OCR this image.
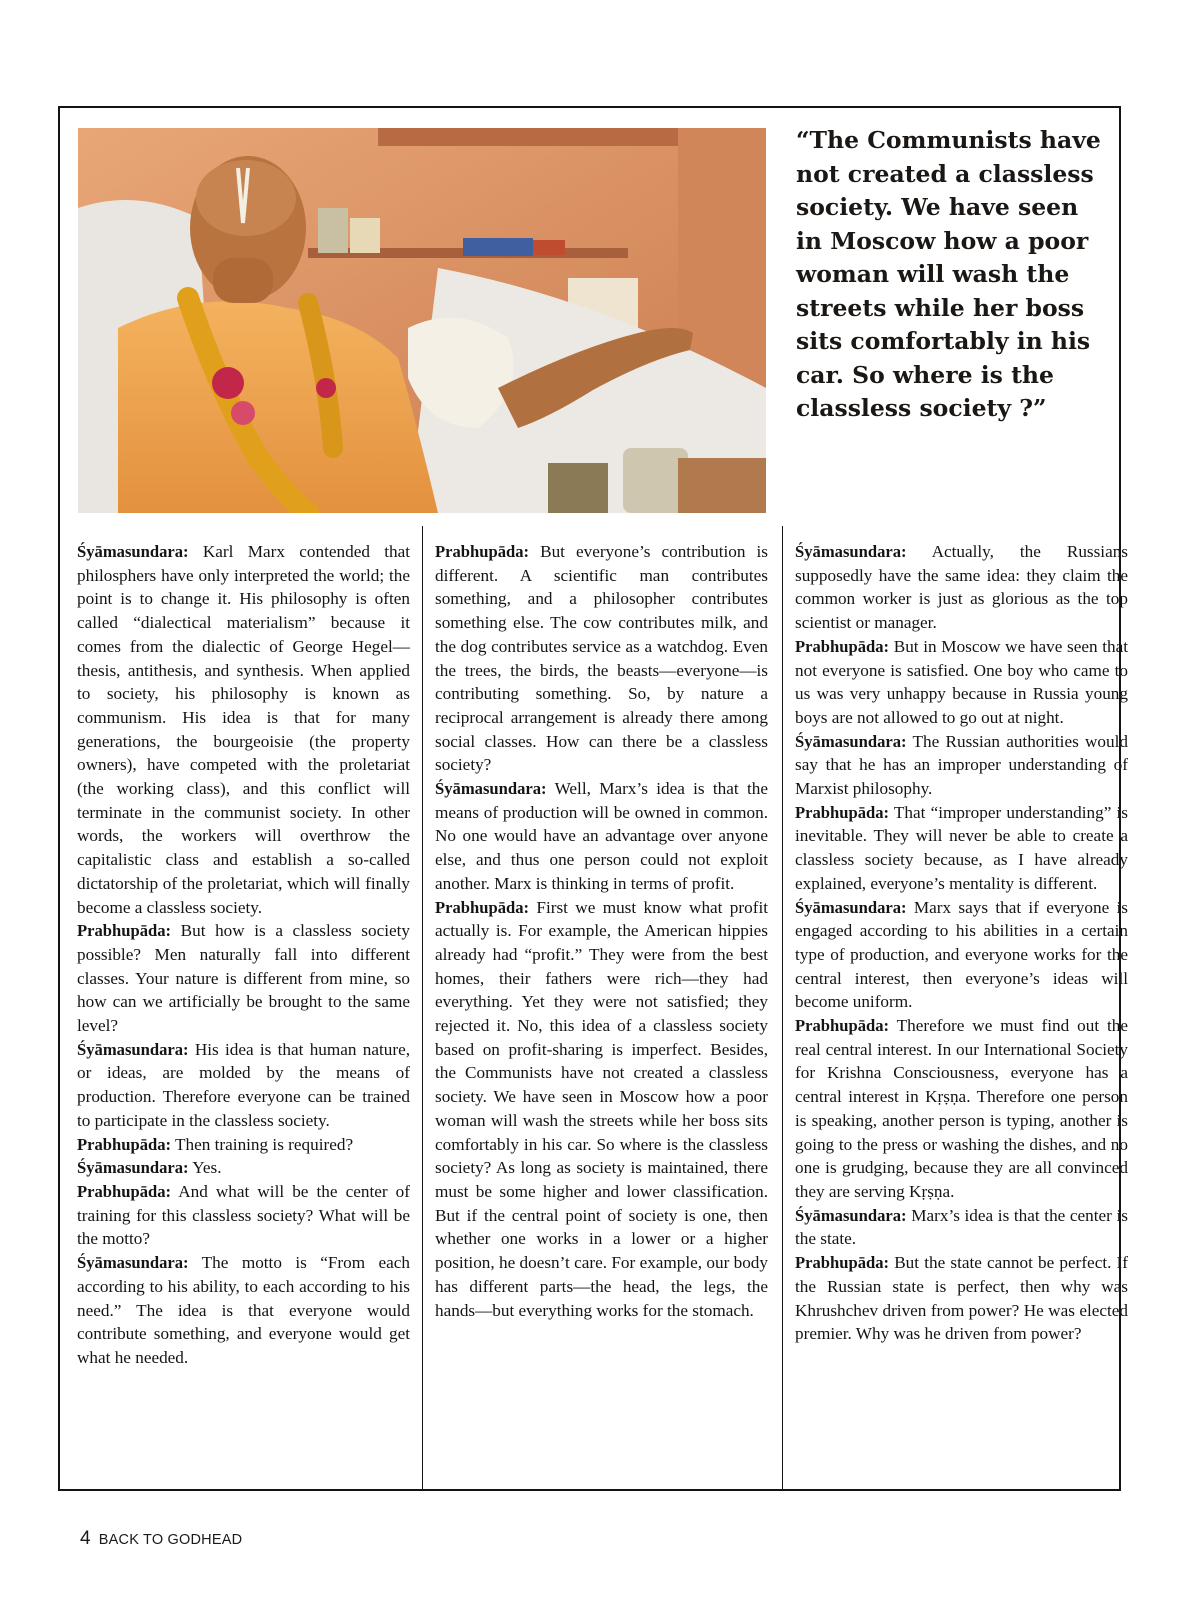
“The Communists have not created a classless society. We have seen in Moscow how a poor woman will wash the streets while her boss sits comfortably in his car. So where is the classless society ?”

Śyāmasundara: Karl Marx contended that philosphers have only interpreted the world; the point is to change it. His philosophy is often called “dialectical materialism” because it comes from the dialectic of George Hegel—thesis, antithesis, and synthesis. When applied to society, his philosophy is known as communism. His idea is that for many generations, the bourgeoisie (the property owners), have competed with the proletariat (the working class), and this conflict will terminate in the communist society. In other words, the workers will overthrow the capitalistic class and establish a so-called dictatorship of the proletariat, which will finally become a classless society.

Prabhupāda: But how is a classless society possible? Men naturally fall into different classes. Your nature is different from mine, so how can we artificially be brought to the same level?

Śyāmasundara: His idea is that human nature, or ideas, are molded by the means of production. Therefore everyone can be trained to participate in the classless society.

Prabhupāda: Then training is required?

Śyāmasundara: Yes.

Prabhupāda: And what will be the center of training for this classless society? What will be the motto?

Śyāmasundara: The motto is “From each according to his ability, to each according to his need.” The idea is that everyone would contribute something, and everyone would get what he needed.

Prabhupāda: But everyone’s contribution is different. A scientific man contributes something, and a philosopher contributes something else. The cow contributes milk, and the dog contributes service as a watchdog. Even the trees, the birds, the beasts—everyone—is contributing something. So, by nature a reciprocal arrangement is already there among social classes. How can there be a classless society?

Śyāmasundara: Well, Marx’s idea is that the means of production will be owned in common. No one would have an advantage over anyone else, and thus one person could not exploit another. Marx is thinking in terms of profit.

Prabhupāda: First we must know what profit actually is. For example, the American hippies already had “profit.” They were from the best homes, their fathers were rich—they had everything. Yet they were not satisfied; they rejected it. No, this idea of a classless society based on profit-sharing is imperfect. Besides, the Communists have not created a classless society. We have seen in Moscow how a poor woman will wash the streets while her boss sits comfortably in his car. So where is the classless society? As long as society is maintained, there must be some higher and lower classification. But if the central point of society is one, then whether one works in a lower or a higher position, he doesn’t care. For example, our body has different parts—the head, the legs, the hands—but everything works for the stomach.

Śyāmasundara: Actually, the Russians supposedly have the same idea: they claim the common worker is just as glorious as the top scientist or manager.

Prabhupāda: But in Moscow we have seen that not everyone is satisfied. One boy who came to us was very unhappy because in Russia young boys are not allowed to go out at night.

Śyāmasundara: The Russian authorities would say that he has an improper understanding of Marxist philosophy.

Prabhupāda: That “improper understanding” is inevitable. They will never be able to create a classless society because, as I have already explained, everyone’s mentality is different.

Śyāmasundara: Marx says that if everyone is engaged according to his abilities in a certain type of production, and everyone works for the central interest, then everyone’s ideas will become uniform.

Prabhupāda: Therefore we must find out the real central interest. In our International Society for Krishna Consciousness, everyone has a central interest in Kṛṣṇa. Therefore one person is speaking, another person is typing, another is going to the press or washing the dishes, and no one is grudging, because they are all convinced they are serving Kṛṣṇa.

Śyāmasundara: Marx’s idea is that the center is the state.

Prabhupāda: But the state cannot be perfect. If the Russian state is perfect, then why was Khrushchev driven from power? He was elected premier. Why was he driven from power?

4 BACK TO GODHEAD
